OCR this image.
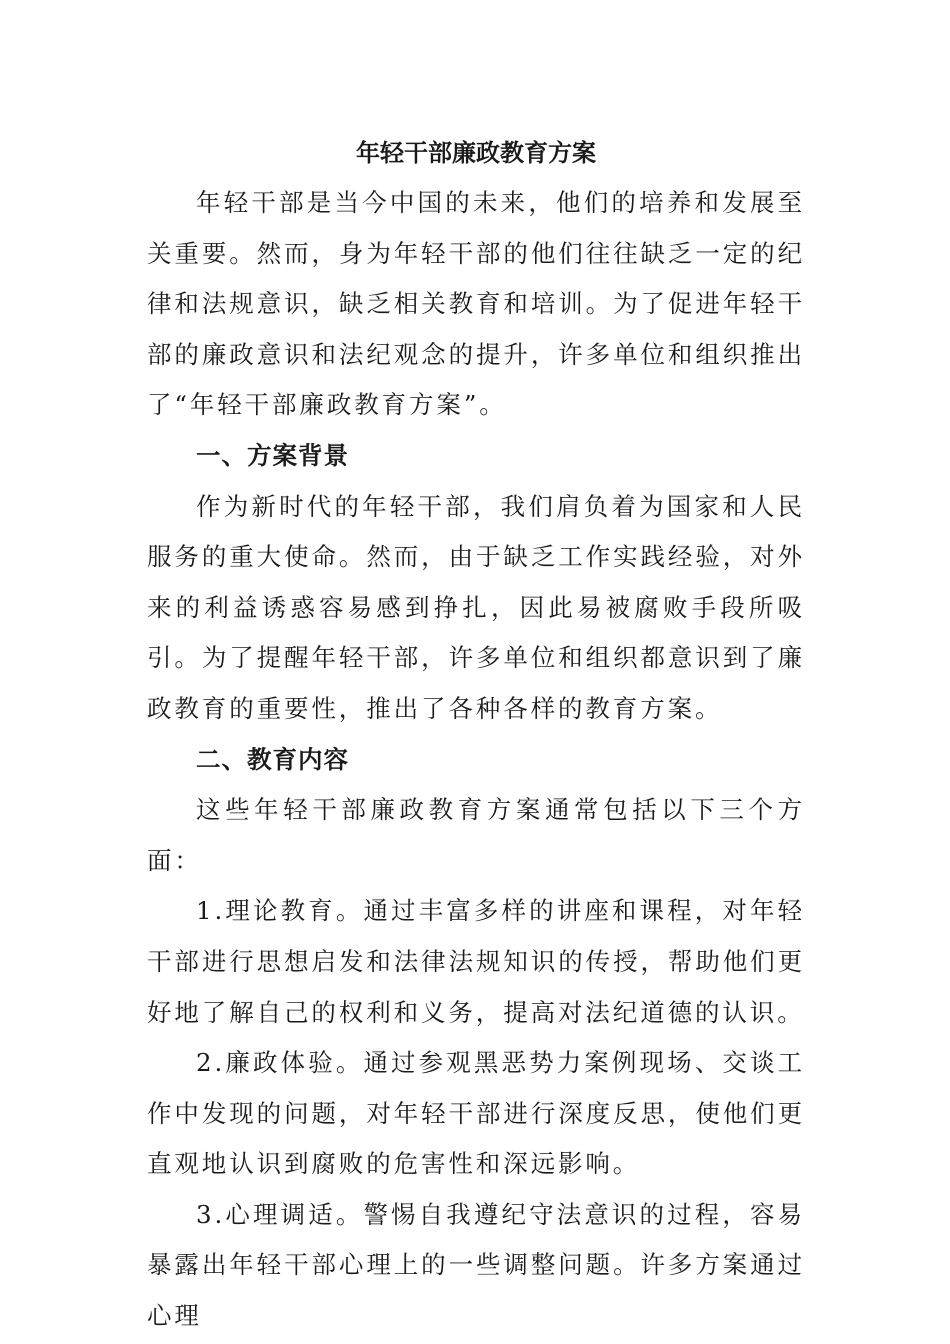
年轻干部廉政教育方案

年轻干部是当今中国的未来，他们的培养和发展至关重要。然而，身为年轻干部的他们往往缺乏一定的纪律和法规意识，缺乏相关教育和培训。为了促进年轻干部的廉政意识和法纪观念的提升，许多单位和组织推出了“年轻干部廉政教育方案”。

一、方案背景

作为新时代的年轻干部，我们肩负着为国家和人民服务的重大使命。然而，由于缺乏工作实践经验，对外来的利益诱惑容易感到挣扎，因此易被腐败手段所吸引。为了提醒年轻干部，许多单位和组织都意识到了廉政教育的重要性，推出了各种各样的教育方案。

二、教育内容

这些年轻干部廉政教育方案通常包括以下三个方面：

1.理论教育。通过丰富多样的讲座和课程，对年轻干部进行思想启发和法律法规知识的传授，帮助他们更好地了解自己的权利和义务，提高对法纪道德的认识。

2.廉政体验。通过参观黑恶势力案例现场、交谈工作中发现的问题，对年轻干部进行深度反思，使他们更直观地认识到腐败的危害性和深远影响。

3.心理调适。警惕自我遵纪守法意识的过程，容易暴露出年轻干部心理上的一些调整问题。许多方案通过心理
